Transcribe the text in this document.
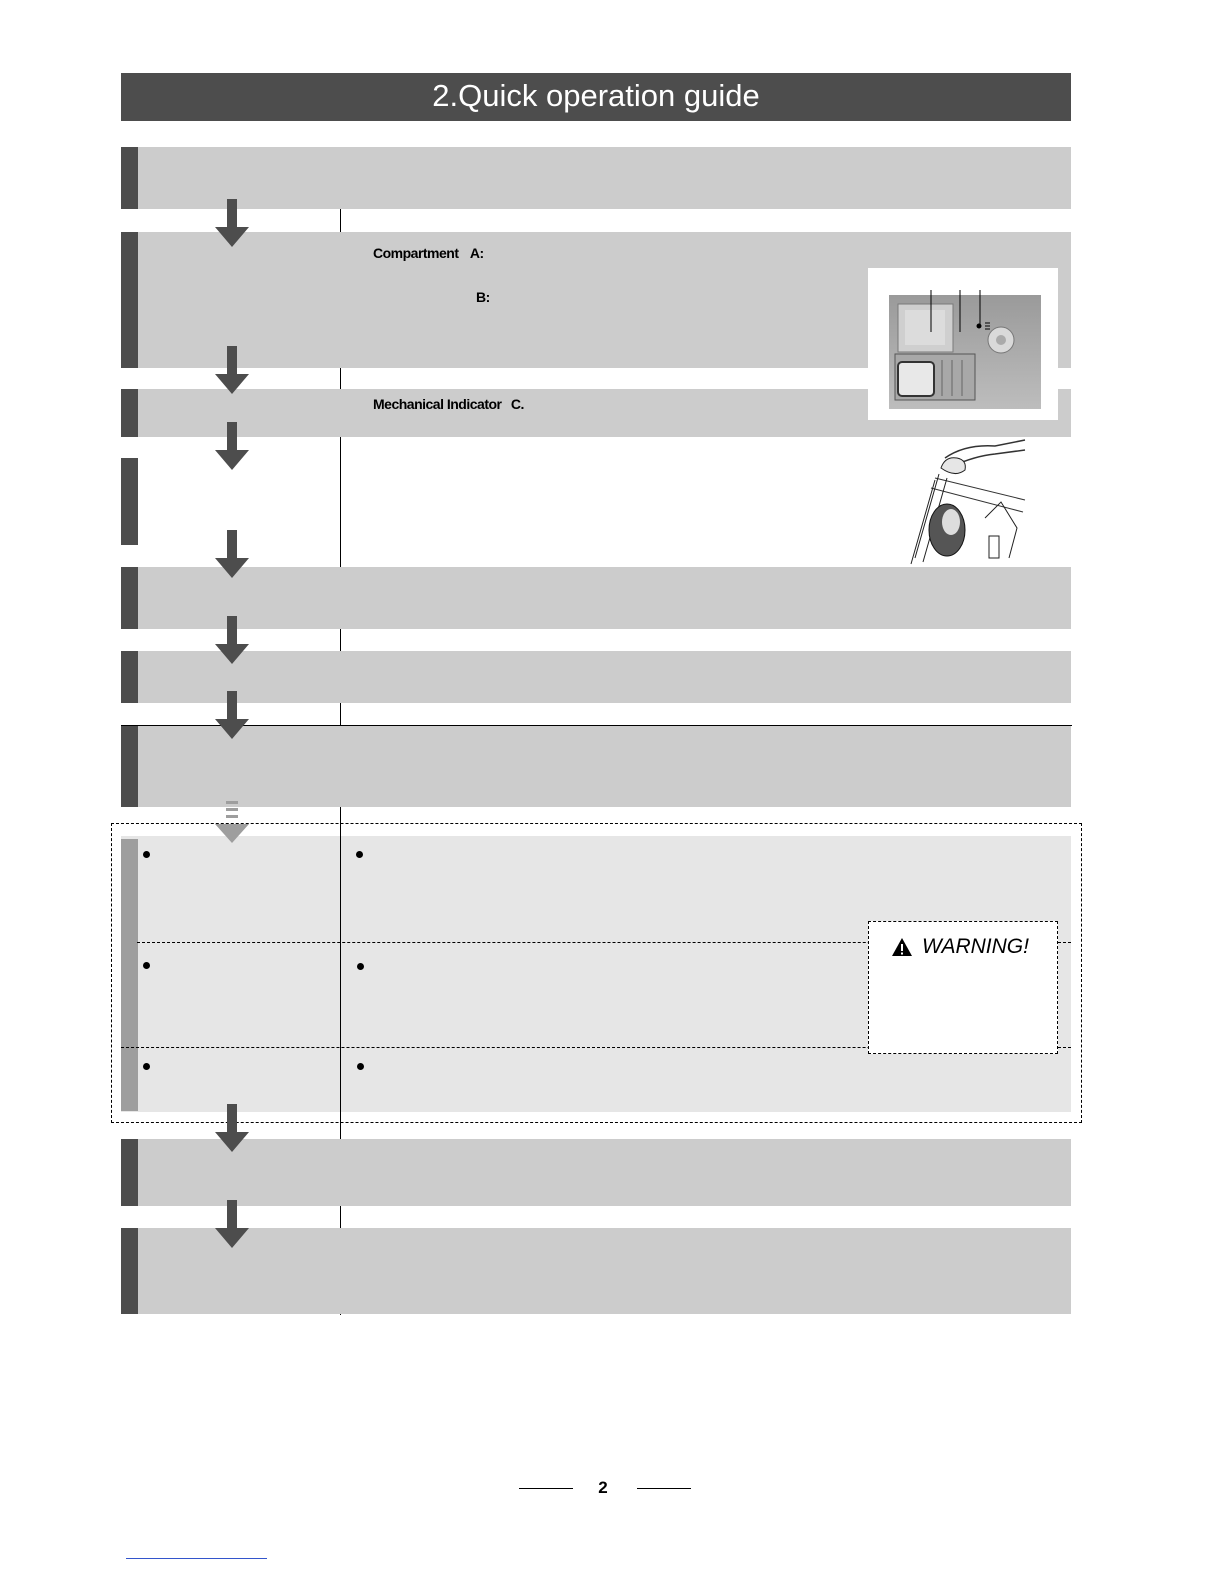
2.Quick operation guide
Compartment A:
B:
Mechanical Indicator C.
WARNING!
2
